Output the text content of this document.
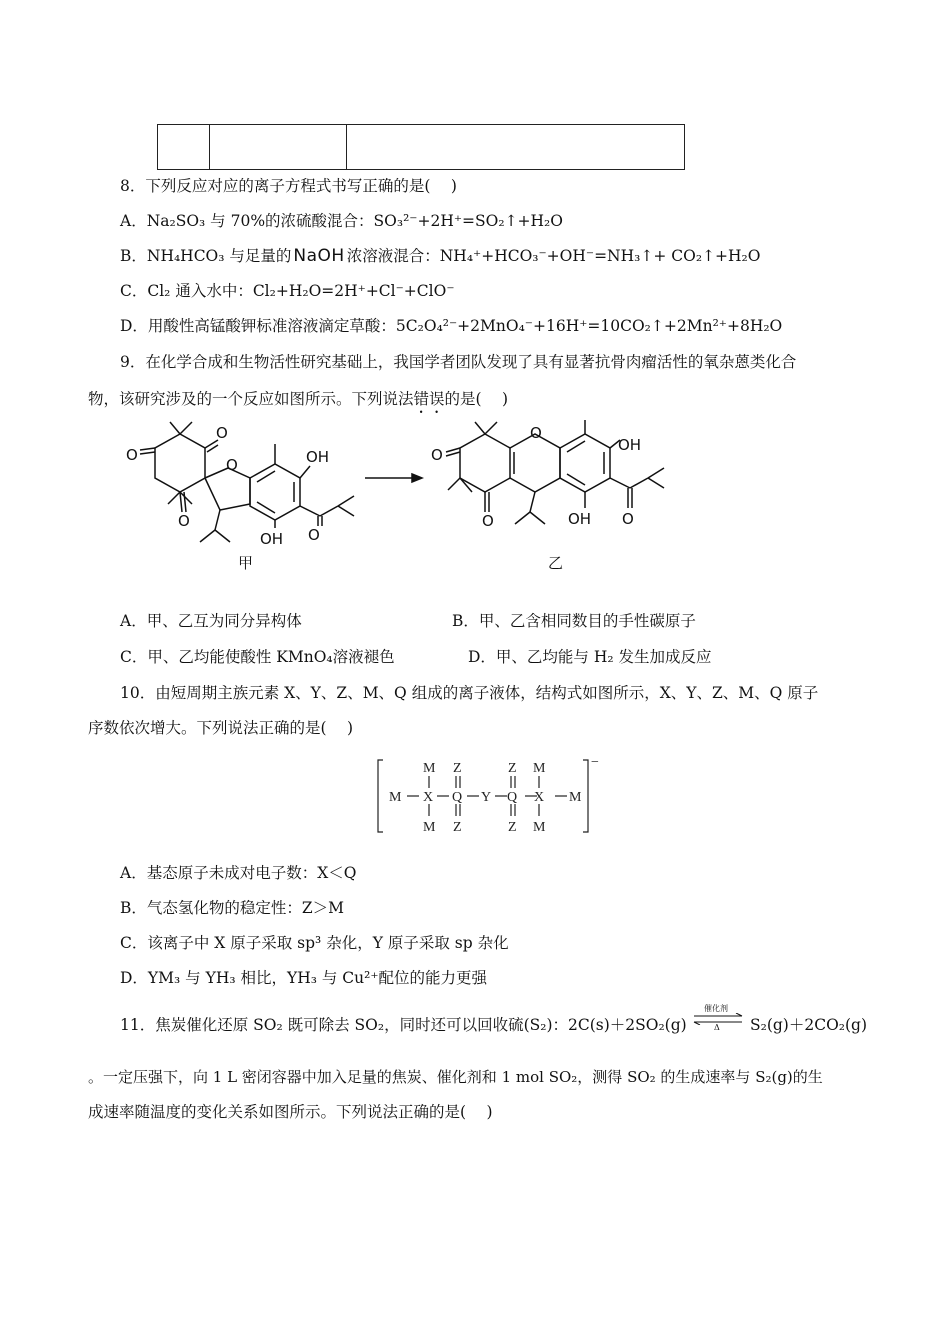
8．下列反应对应的离子方程式书写正确的是(　 )
A．Na₂SO₃ 与 70%的浓硫酸混合：SO₃²⁻+2H⁺=SO₂↑+H₂O
B．NH₄HCO₃ 与足量的 NaOH 浓溶液混合：NH₄⁺+HCO₃⁻+OH⁻=NH₃↑+ CO₂↑+H₂O
C．Cl₂ 通入水中：Cl₂+H₂O=2H⁺+Cl⁻+ClO⁻
D．用酸性高锰酸钾标准溶液滴定草酸：5C₂O₄²⁻+2MnO₄⁻+16H⁺=10CO₂↑+2Mn²⁺+8H₂O
9．在化学合成和生物活性研究基础上，我国学者团队发现了具有显著抗骨肉瘤活性的氧杂蒽类化合
物，该研究涉及的一个反应如图所示。下列说法错误的是(　 )
O
O
O
O	OH
OH O
O
O
O
OH
OH O
甲	乙
A．甲、乙互为同分异构体	B．甲、乙含相同数目的手性碳原子
C．甲、乙均能使酸性 KMnO₄溶液褪色	D．甲、乙均能与 H₂ 发生加成反应
10．由短周期主族元素 X、Y、Z、M、Q 组成的离子液体，结构式如图所示，X、Y、Z、M、Q 原子
序数依次增大。下列说法正确的是(　 )
M X
M
M
Q
Z
Z
Y Q
Z
Z
X
M
M
M
−
A．基态原子未成对电子数：X＜Q
B．气态氢化物的稳定性：Z＞M
C．该离子中 X 原子采取 sp³ 杂化，Y 原子采取 sp 杂化
D．YM₃ 与 YH₃ 相比，YH₃ 与 Cu²⁺配位的能力更强
11．焦炭催化还原 SO₂ 既可除去 SO₂，同时还可以回收硫(S₂)：2C(s)＋2SO₂(g)
催化剂
Δ S₂(g)＋2CO₂(g)
。一定压强下，向 1 L 密闭容器中加入足量的焦炭、催化剂和 1 mol SO₂，测得 SO₂ 的生成速率与 S₂(g)的生
成速率随温度的变化关系如图所示。下列说法正确的是(　 )
